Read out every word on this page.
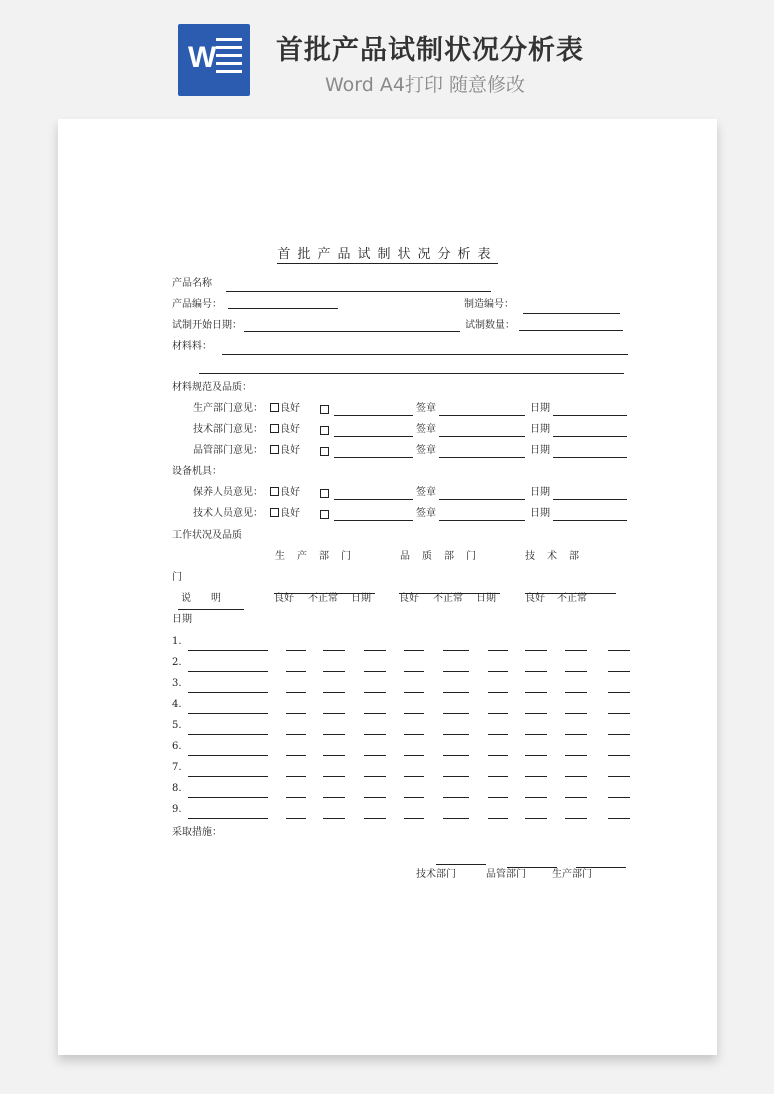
W 首批产品试制状况分析表
Word A4打印 随意修改
首批产品试制状况分析表
产品名称
产品编号：	制造编号：
试制开始日期：	试制数量：
材料料：
材料规范及品质：
设备机具：
工作状况及品质
生　产　部　门	品　质　部　门	技　术　部
门
说　　明	良好 不正常 日期	良好 不正常 日期	良好 不正常
日期
采取措施：
技术部门	品管部门	生产部门
生产部门意见：	良好	签章	日期
技术部门意见：	良好	签章	日期
品管部门意见：	良好	签章	日期
保养人员意见：	良好	签章	日期
技术人员意见：	良好	签章	日期
1.
2.
3.
4.
5.
6.
7.
8.
9.
